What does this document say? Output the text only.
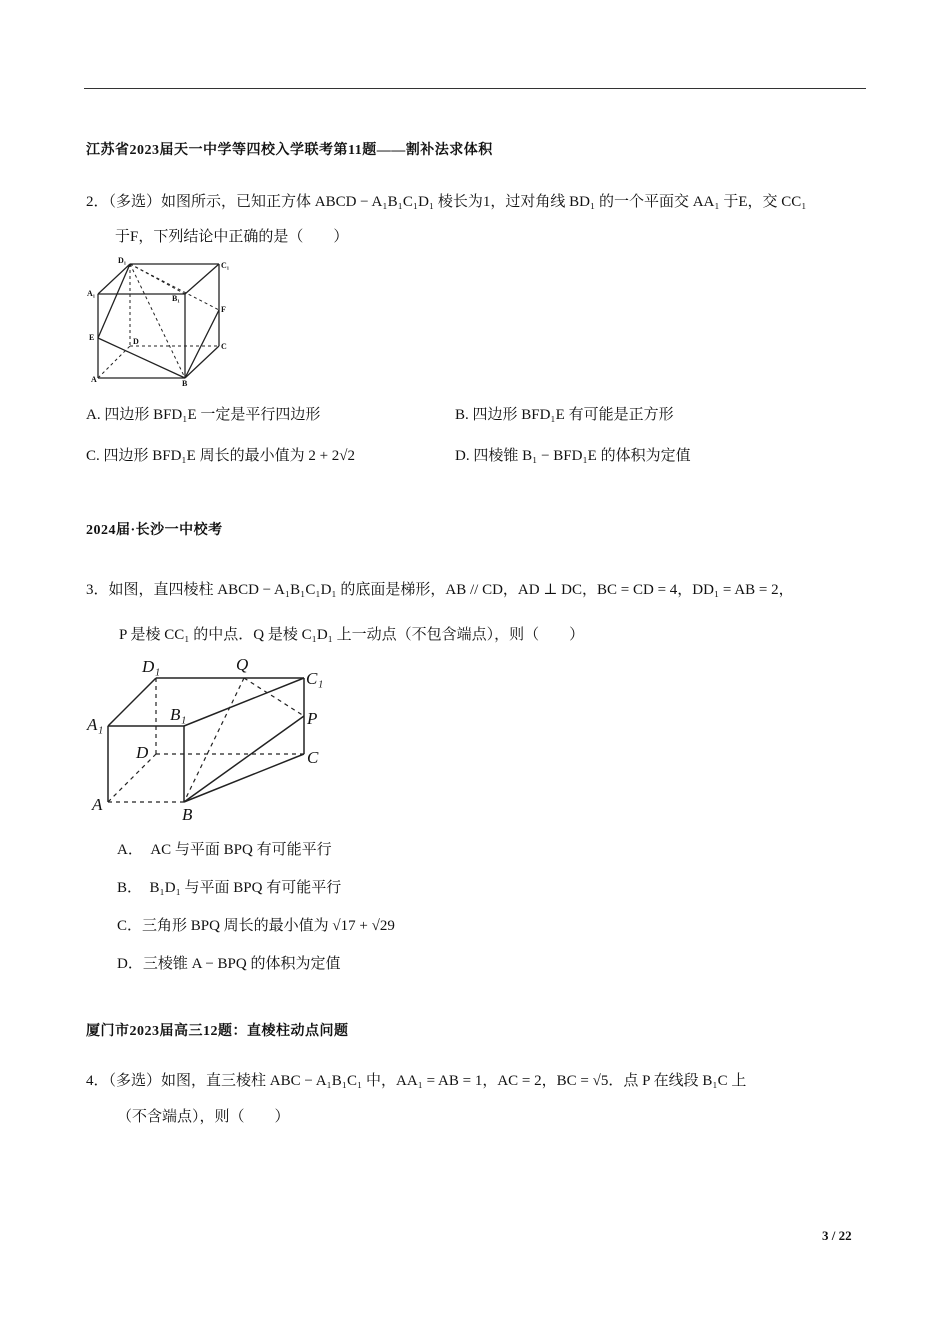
江苏省2023届天一中学等四校入学联考第11题——割补法求体积
2．（多选）如图所示，已知正方体 ABCD − A₁B₁C₁D₁ 棱长为1，过对角线 BD₁ 的一个平面交 AA₁ 于E，交 CC₁
于F，下列结论中正确的是（　　）
D₁
C₁
A₁
B₁
F
E	D
C
A	B
A. 四边形 BFD₁E 一定是平行四边形	B. 四边形 BFD₁E 有可能是正方形
C. 四边形 BFD₁E 周长的最小值为 2 + 2√2	D. 四棱锥 B₁ − BFD₁E 的体积为定值
2024届·长沙一中校考
3．如图，直四棱柱 ABCD − A₁B₁C₁D₁ 的底面是梯形，AB // CD，AD ⊥ DC，BC = CD = 4，DD₁ = AB = 2，
P 是棱 CC₁ 的中点．Q 是棱 C₁D₁ 上一动点（不包含端点），则（　　）
D₁	Q
C₁
A₁
B₁	P
D	C
A
B
A．　AC 与平面 BPQ 有可能平行
B．　B₁D₁ 与平面 BPQ 有可能平行
C．三角形 BPQ 周长的最小值为 √17 + √29
D．三棱锥 A − BPQ 的体积为定值
厦门市2023届高三12题：直棱柱动点问题
4．（多选）如图，直三棱柱 ABC − A₁B₁C₁ 中，AA₁ = AB = 1，AC = 2，BC = √5．点 P 在线段 B₁C 上
（不含端点），则（　　）
3 / 22
